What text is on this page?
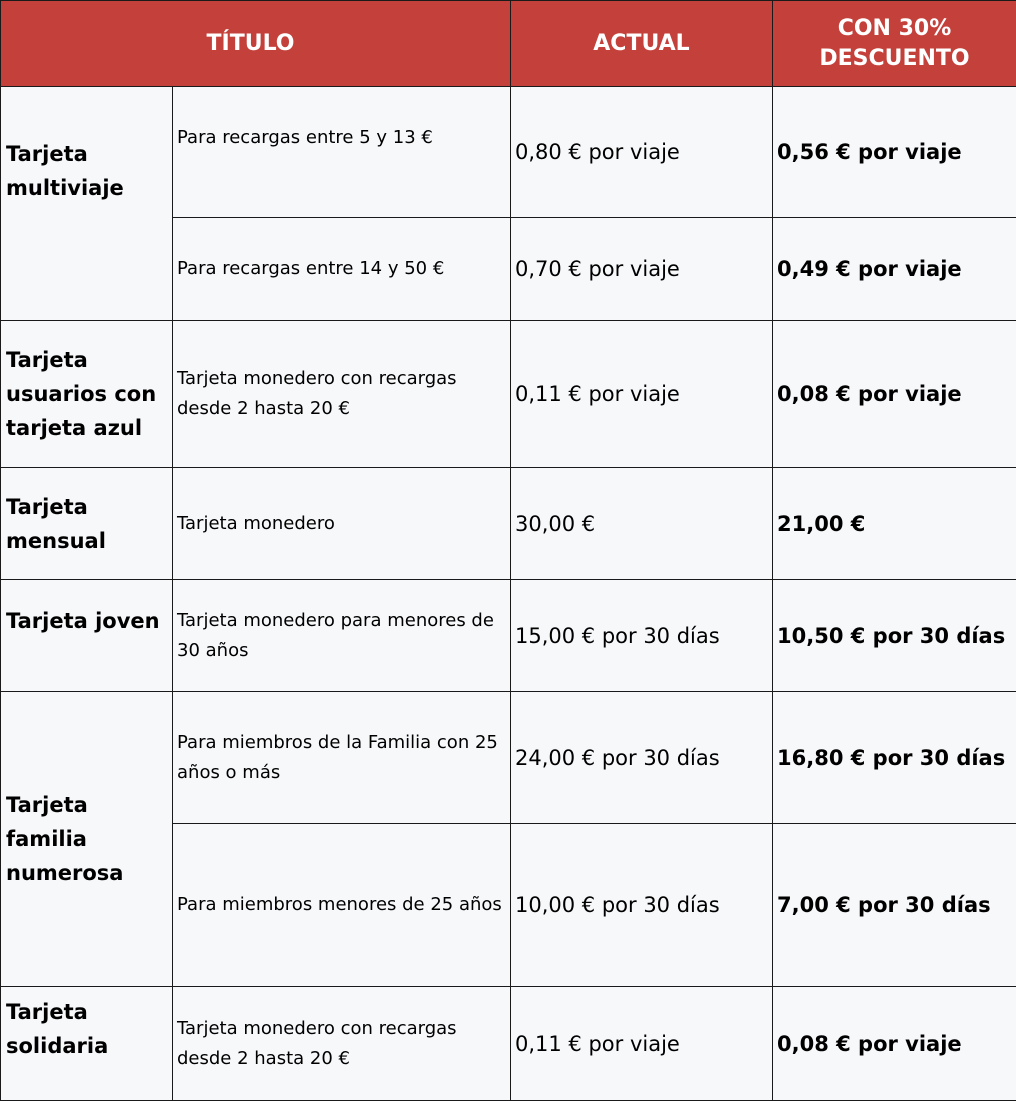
TÍTULO		ACTUAL	CON 30%
DESCUENTO
Tarjeta multiviaje	Para recargas entre 5 y 13 €	0,80 € por viaje	0,56 € por viaje
	Para recargas entre 14 y 50 €	0,70 € por viaje	0,49 € por viaje
Tarjeta usuarios con tarjeta azul	Tarjeta monedero con recargas desde 2 hasta 20 €	0,11 € por viaje	0,08 € por viaje
Tarjeta mensual	Tarjeta monedero	30,00 €	21,00 €
Tarjeta joven	Tarjeta monedero para menores de 30 años	15,00 € por 30 días	10,50 € por 30 días
Tarjeta familia numerosa	Para miembros de la Familia con 25 años o más	24,00 € por 30 días	16,80 € por 30 días
	Para miembros menores de 25 años	10,00 € por 30 días	7,00 € por 30 días
Tarjeta solidaria	Tarjeta monedero con recargas desde 2 hasta 20 €	0,11 € por viaje	0,08 € por viaje
